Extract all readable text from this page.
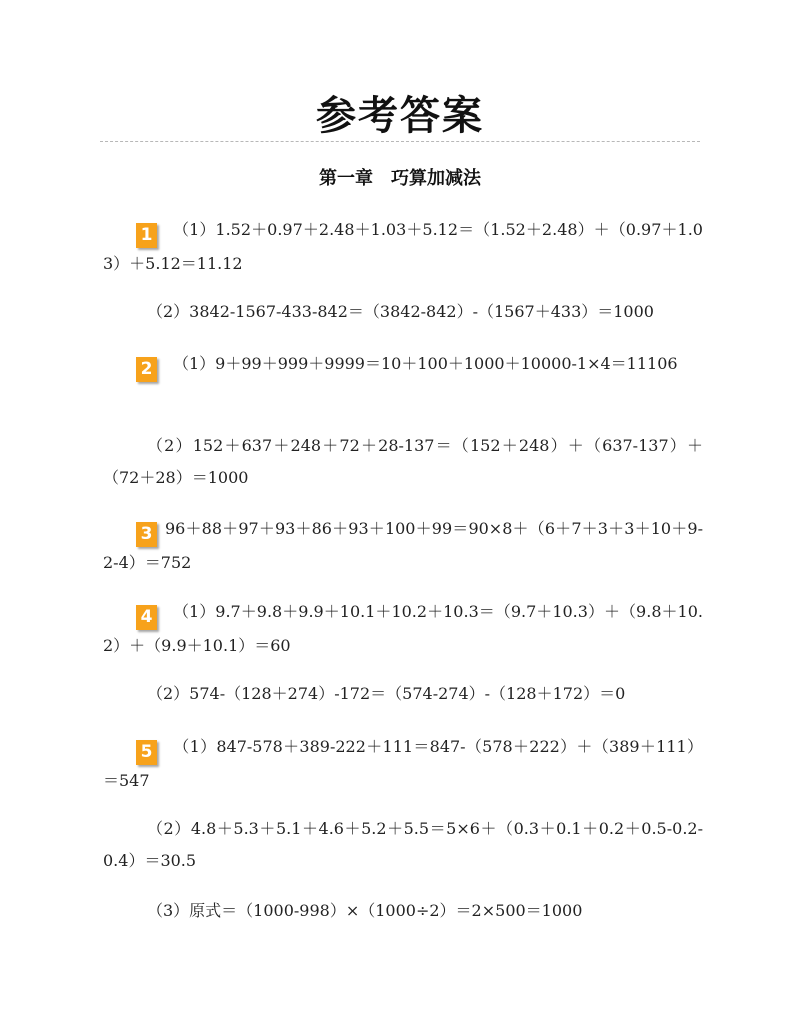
参考答案
第一章　巧算加减法
1 （1）1.52＋0.97＋2.48＋1.03＋5.12＝（1.52＋2.48）＋（0.97＋1.03）＋5.12＝11.12
（2）3842-1567-433-842＝（3842-842）-（1567＋433）＝1000
2 （1）9＋99＋999＋9999＝10＋100＋1000＋10000-1×4＝11106
（2）152＋637＋248＋72＋28-137＝（152＋248）＋（637-137）＋（72＋28）＝1000
3 96＋88＋97＋93＋86＋93＋100＋99＝90×8＋（6＋7＋3＋3＋10＋9-2-4）＝752
4 （1）9.7＋9.8＋9.9＋10.1＋10.2＋10.3＝（9.7＋10.3）＋（9.8＋10.2）＋（9.9＋10.1）＝60
（2）574-（128＋274）-172＝（574-274）-（128＋172）＝0
5 （1）847-578＋389-222＋111＝847-（578＋222）＋（389＋111）＝547
（2）4.8＋5.3＋5.1＋4.6＋5.2＋5.5＝5×6＋（0.3＋0.1＋0.2＋0.5-0.2-0.4）＝30.5
（3）原式＝（1000-998）×（1000÷2）＝2×500＝1000
